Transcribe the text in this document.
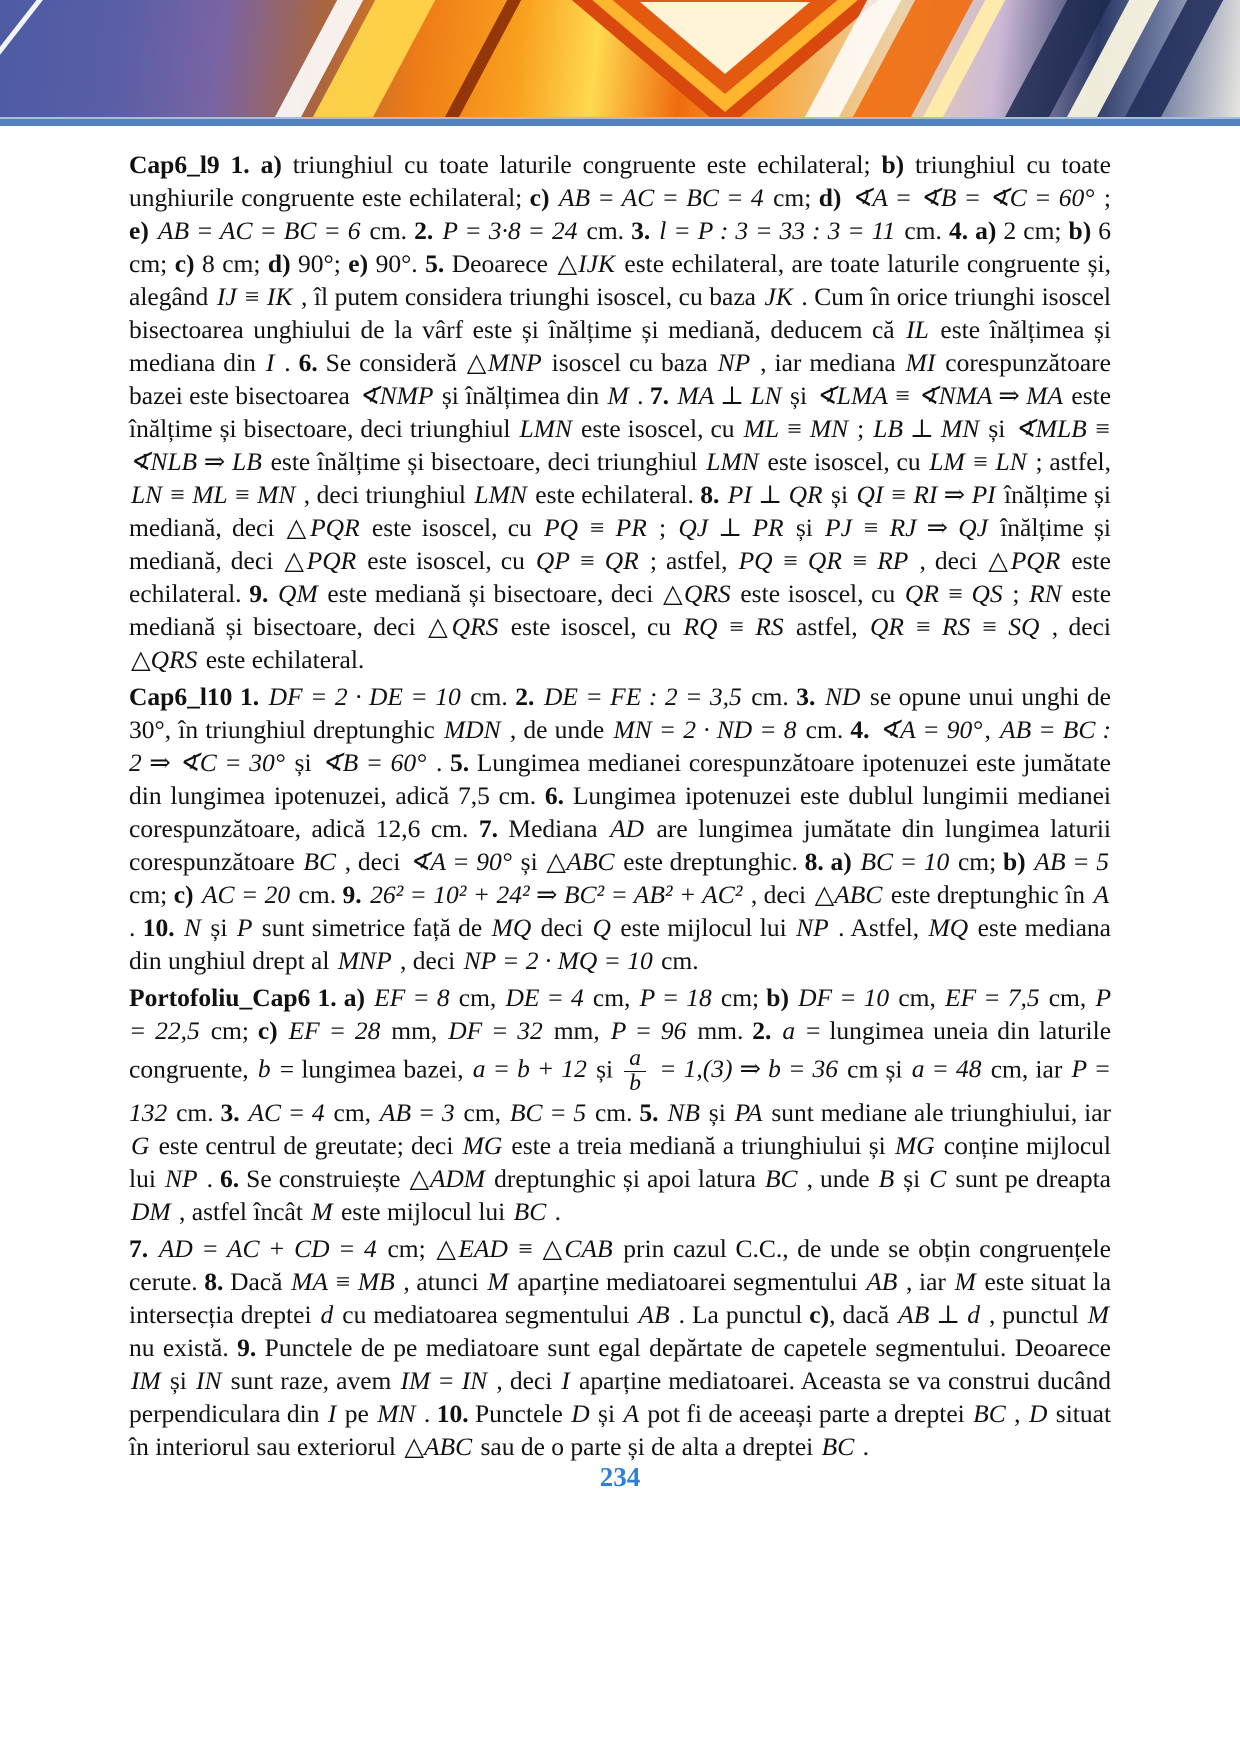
Cap6_l9 1. a) triunghiul cu toate laturile congruente este echilateral; b) triunghiul cu toate unghiurile congruente este echilateral; c) AB = AC = BC = 4 cm; d) ∢A = ∢B = ∢C = 60° ; e) AB = AC = BC = 6 cm. 2. P = 3·8 = 24 cm. 3. l = P : 3 = 33 : 3 = 11 cm. 4. a) 2 cm; b) 6 cm; c) 8 cm; d) 90°; e) 90°. 5. Deoarece △IJK este echilateral, are toate laturile congruente și, alegând IJ ≡ IK , îl putem considera triunghi isoscel, cu baza JK . Cum în orice triunghi isoscel bisectoarea unghiului de la vârf este și înălțime și mediană, deducem că IL este înălțimea și mediana din I . 6. Se consideră △MNP isoscel cu baza NP , iar mediana MI corespunzătoare bazei este bisectoarea ∢NMP și înălțimea din M . 7. MA ⊥ LN și ∢LMA ≡ ∢NMA ⇒ MA este înălțime și bisectoare, deci triunghiul LMN este isoscel, cu ML ≡ MN ; LB ⊥ MN și ∢MLB ≡ ∢NLB ⇒ LB este înălțime și bisectoare, deci triunghiul LMN este isoscel, cu LM ≡ LN ; astfel, LN ≡ ML ≡ MN , deci triunghiul LMN este echilateral. 8. PI ⊥ QR și QI ≡ RI ⇒ PI înălțime și mediană, deci △PQR este isoscel, cu PQ ≡ PR ; QJ ⊥ PR și PJ ≡ RJ ⇒ QJ înălțime și mediană, deci △PQR este isoscel, cu QP ≡ QR ; astfel, PQ ≡ QR ≡ RP , deci △PQR este echilateral. 9. QM este mediană și bisectoare, deci △QRS este isoscel, cu QR ≡ QS ; RN este mediană și bisectoare, deci △QRS este isoscel, cu RQ ≡ RS astfel, QR ≡ RS ≡ SQ , deci △QRS este echilateral.

Cap6_l10 1. DF = 2 · DE = 10 cm. 2. DE = FE : 2 = 3,5 cm. 3. ND se opune unui unghi de 30°, în triunghiul dreptunghic MDN , de unde MN = 2 · ND = 8 cm. 4. ∢A = 90°, AB = BC : 2 ⇒ ∢C = 30° și ∢B = 60° . 5. Lungimea medianei corespunzătoare ipotenuzei este jumătate din lungimea ipotenuzei, adică 7,5 cm. 6. Lungimea ipotenuzei este dublul lungimii medianei corespunzătoare, adică 12,6 cm. 7. Mediana AD are lungimea jumătate din lungimea laturii corespunzătoare BC , deci ∢A = 90° și △ABC este dreptunghic. 8. a) BC = 10 cm; b) AB = 5 cm; c) AC = 20 cm. 9. 26² = 10² + 24² ⇒ BC² = AB² + AC² , deci △ABC este dreptunghic în A . 10. N și P sunt simetrice față de MQ deci Q este mijlocul lui NP . Astfel, MQ este mediana din unghiul drept al MNP , deci NP = 2 · MQ = 10 cm.

Portofoliu_Cap6 1. a) EF = 8 cm, DE = 4 cm, P = 18 cm; b) DF = 10 cm, EF = 7,5 cm, P = 22,5 cm; c) EF = 28 mm, DF = 32 mm, P = 96 mm. 2. a = lungimea uneia din laturile congruente, b = lungimea bazei, a = b + 12 și $\frac{a}{b} = 1,(3)$ ⇒ b = 36 cm și a = 48 cm, iar P = 132 cm. 3. AC = 4 cm, AB = 3 cm, BC = 5 cm. 5. NB și PA sunt mediane ale triunghiului, iar G este centrul de greutate; deci MG este a treia mediană a triunghiului și MG conține mijlocul lui NP . 6. Se construiește △ADM dreptunghic și apoi latura BC , unde B și C sunt pe dreapta DM , astfel încât M este mijlocul lui BC .

7. AD = AC + CD = 4 cm; △EAD ≡ △CAB prin cazul C.C., de unde se obțin congruențele cerute. 8. Dacă MA ≡ MB , atunci M aparține mediatoarei segmentului AB , iar M este situat la intersecția dreptei d cu mediatoarea segmentului AB . La punctul c), dacă AB ⊥ d , punctul M nu există. 9. Punctele de pe mediatoare sunt egal depărtate de capetele segmentului. Deoarece IM și IN sunt raze, avem IM = IN , deci I aparține mediatoarei. Aceasta se va construi ducând perpendiculara din I pe MN . 10. Punctele D și A pot fi de aceeași parte a dreptei BC , D situat în interiorul sau exteriorul △ABC sau de o parte și de alta a dreptei BC .

234
